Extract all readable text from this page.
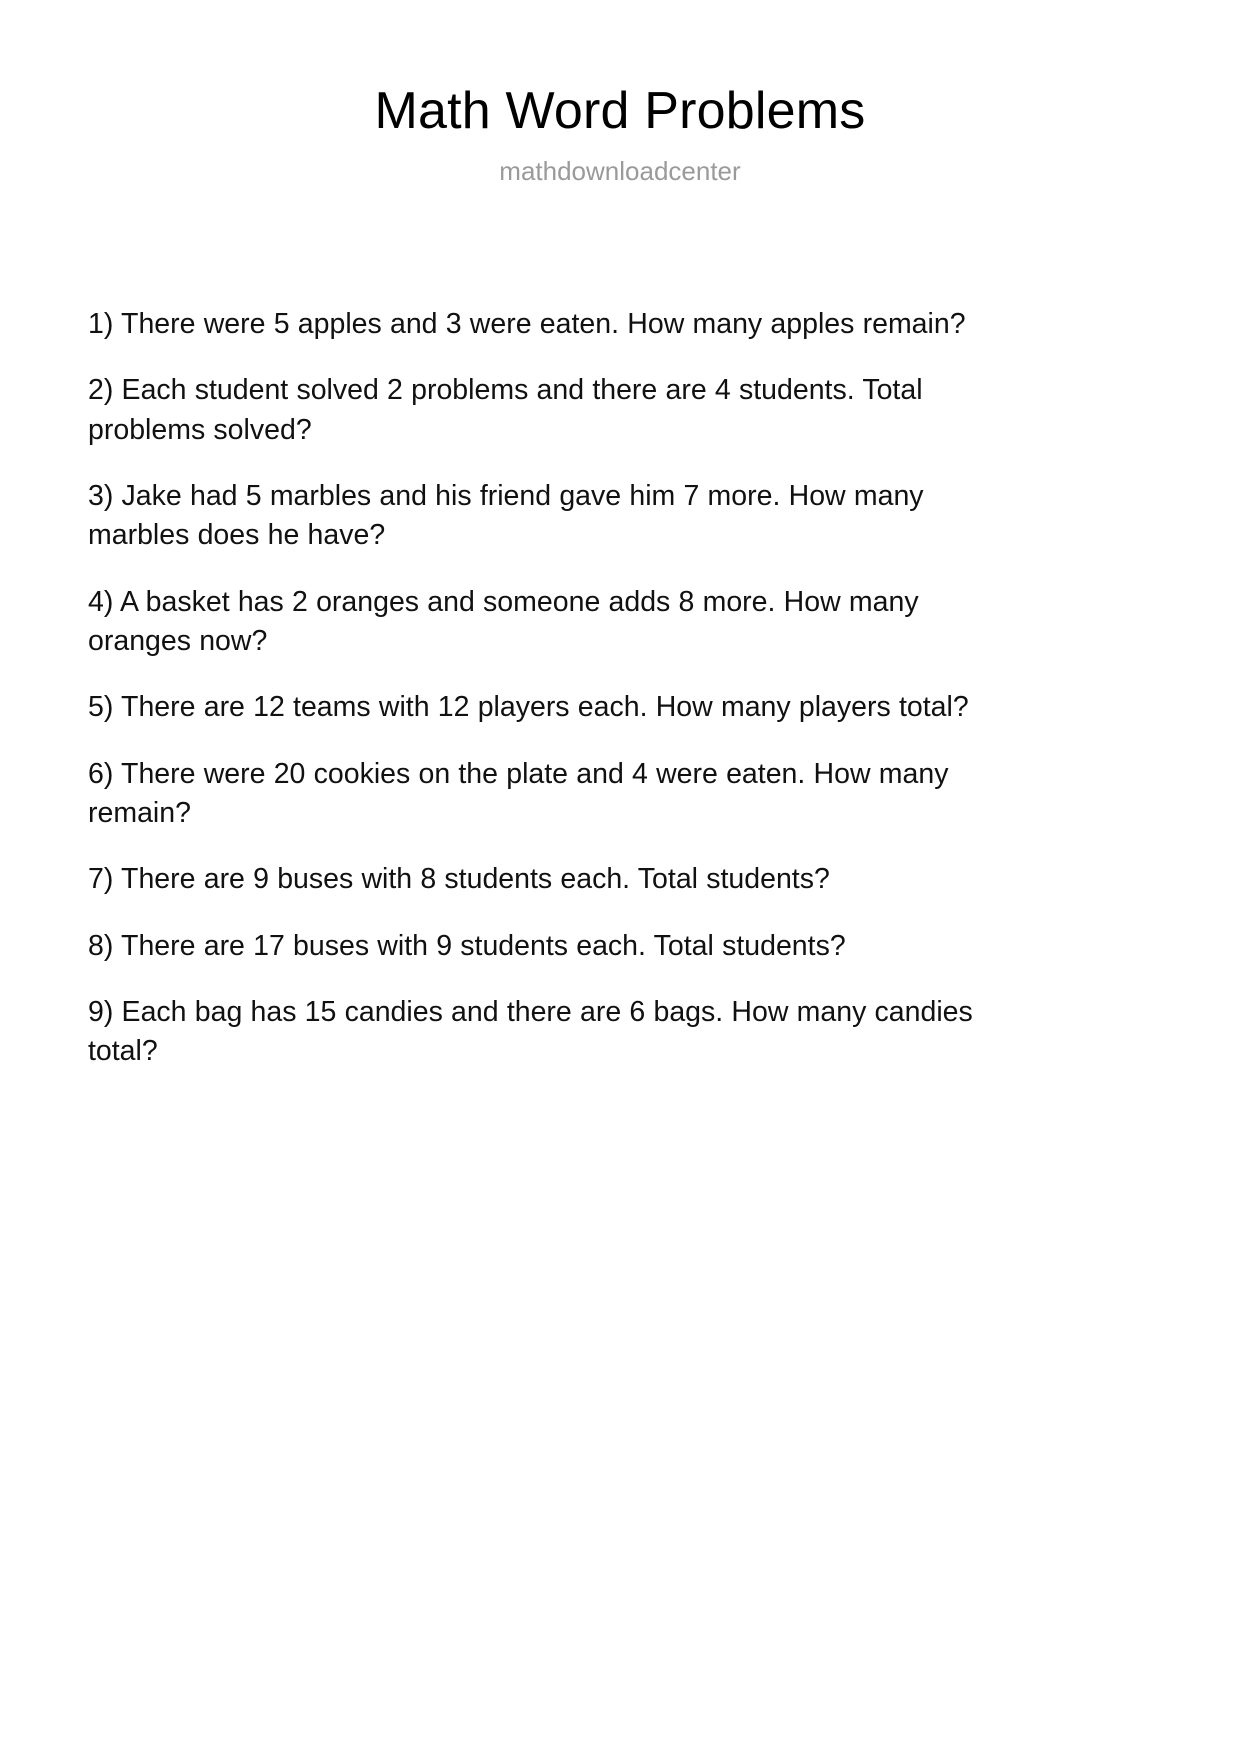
Math Word Problems
mathdownloadcenter

1) There were 5 apples and 3 were eaten. How many apples remain?

2) Each student solved 2 problems and there are 4 students. Total problems solved?

3) Jake had 5 marbles and his friend gave him 7 more. How many marbles does he have?

4) A basket has 2 oranges and someone adds 8 more. How many oranges now?

5) There are 12 teams with 12 players each. How many players total?

6) There were 20 cookies on the plate and 4 were eaten. How many remain?

7) There are 9 buses with 8 students each. Total students?

8) There are 17 buses with 9 students each. Total students?

9) Each bag has 15 candies and there are 6 bags. How many candies total?
